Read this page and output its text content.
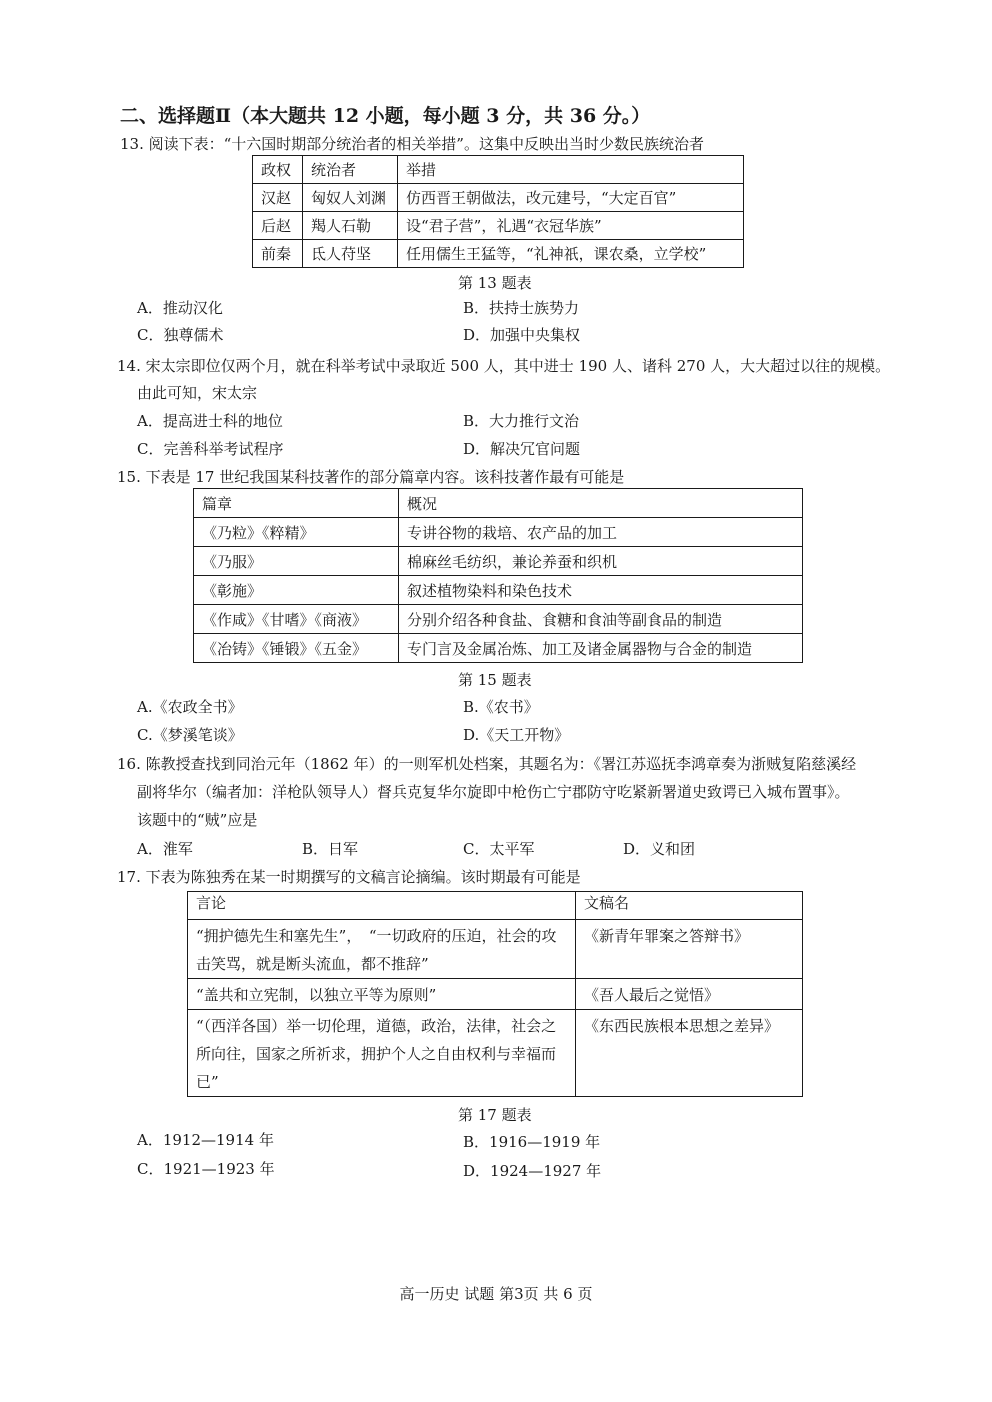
二、选择题Ⅱ（本大题共 12 小题，每小题 3 分，共 36 分。）
13. 阅读下表：“十六国时期部分统治者的相关举措”。这集中反映出当时少数民族统治者
政权	统治者	举措
汉赵	匈奴人刘渊	仿西晋王朝做法，改元建号，“大定百官”
后赵	羯人石勒	设“君子营”，礼遇“衣冠华族”
前秦	氐人苻坚	任用儒生王猛等，“礼神祇，课农桑，立学校”
第 13 题表
A．推动汉化	B．扶持士族势力
C．独尊儒术	D．加强中央集权
14. 宋太宗即位仅两个月，就在科举考试中录取近 500 人，其中进士 190 人、诸科 270 人，大大超过以往的规模。
由此可知，宋太宗
A．提高进士科的地位	B．大力推行文治
C．完善科举考试程序	D．解决冗官问题
15. 下表是 17 世纪我国某科技著作的部分篇章内容。该科技著作最有可能是
篇章	概况
《乃粒》《粹精》	专讲谷物的栽培、农产品的加工
《乃服》	棉麻丝毛纺织，兼论养蚕和织机
《彰施》	叙述植物染料和染色技术
《作咸》《甘嗜》《商液》	分别介绍各种食盐、食糖和食油等副食品的制造
《冶铸》《锤锻》《五金》	专门言及金属冶炼、加工及诸金属器物与合金的制造
第 15 题表
A.《农政全书》	B.《农书》
C.《梦溪笔谈》	D.《天工开物》
16. 陈教授查找到同治元年（1862 年）的一则军机处档案，其题名为：《署江苏巡抚李鸿章奏为浙贼复陷慈溪经
副将华尔（编者加：洋枪队领导人）督兵克复华尔旋即中枪伤亡宁郡防守吃紧新署道史致谔已入城布置事》。
该题中的“贼”应是
A．淮军	B．日军	C．太平军	D．义和团
17. 下表为陈独秀在某一时期撰写的文稿言论摘编。该时期最有可能是
言论	文稿名
“拥护德先生和塞先生”，　“一切政府的压迫，社会的攻击笑骂，就是断头流血，都不推辞”	《新青年罪案之答辩书》
“盖共和立宪制，以独立平等为原则”	《吾人最后之觉悟》
“（西洋各国）举一切伦理，道德，政治，法律，社会之所向往，国家之所祈求，拥护个人之自由权利与幸福而已”	《东西民族根本思想之差异》
第 17 题表
A．1912—1914 年	B．1916—1919 年
C．1921—1923 年	D．1924—1927 年
高一历史 试题 第3页 共 6 页
